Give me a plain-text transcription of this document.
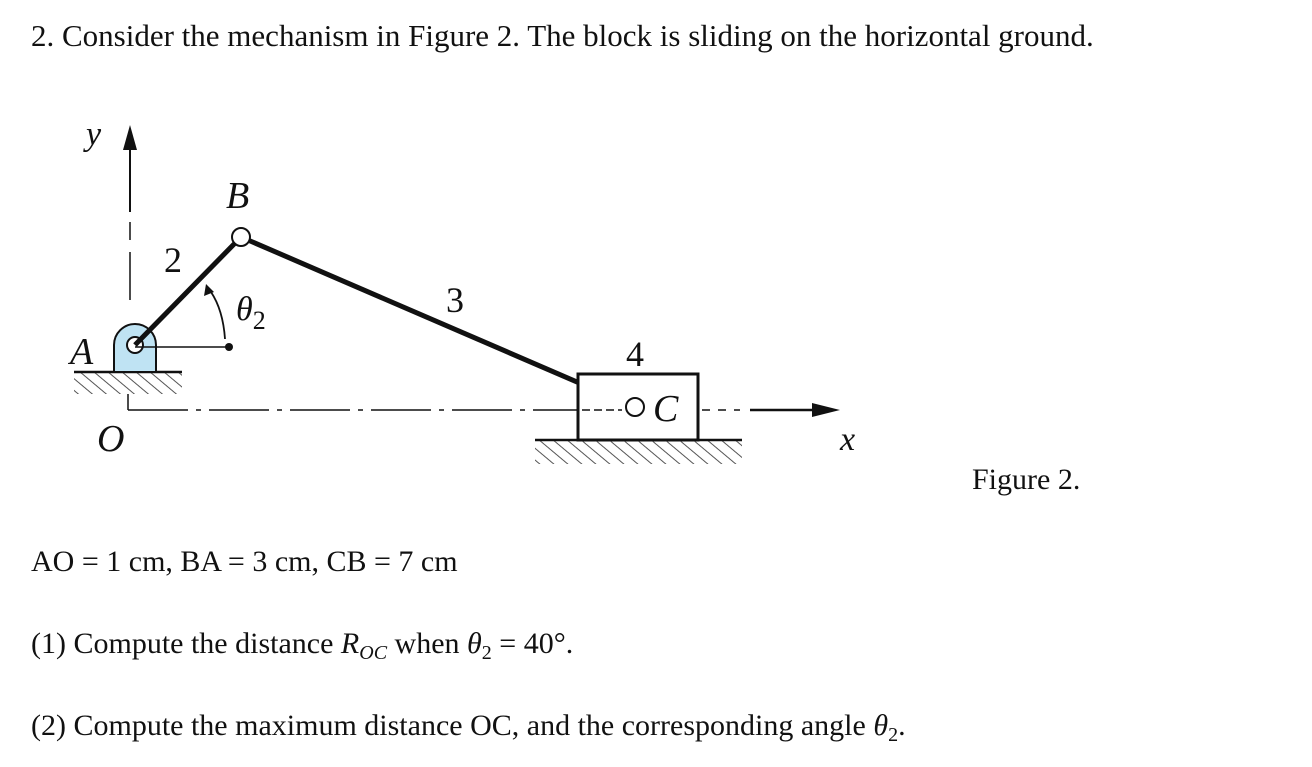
2. Consider the mechanism in Figure 2. The block is sliding on the horizontal ground.
y
x
B
2
3
4
A
O
C
$\theta_2$
Figure 2.
AO = 1 cm, BA = 3 cm, CB = 7 cm
(1) Compute the distance $R_{OC}$ when $\theta_2 = 40^\circ$.
(2) Compute the maximum distance OC, and the corresponding angle $\theta_2$.
